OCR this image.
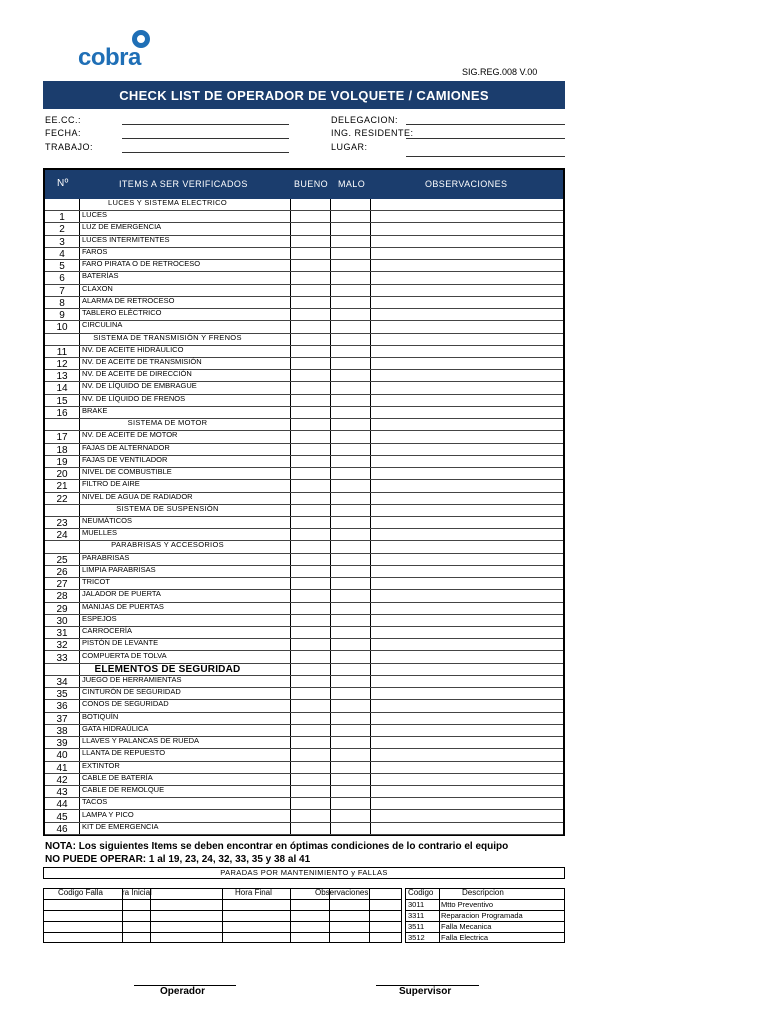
cobra
SIG.REG.008 V.00
CHECK LIST DE OPERADOR DE VOLQUETE / CAMIONES
EE.CC.:
FECHA:
TRABAJO:
DELEGACION:
ING. RESIDENTE:
LUGAR:
Nº	ITEMS A SER VERIFICADOS	BUENO MALO	OBSERVACIONES
LUCES Y SISTEMA ELECTRICO
1	LUCES
2	LUZ DE EMERGENCIA
3	LUCES INTERMITENTES
4	FAROS
5	FARO PIRATA O DE RETROCESO
6	BATERÍAS
7	CLAXON
8	ALARMA DE RETROCESO
9	TABLERO ELÉCTRICO
10	CIRCULINA
SISTEMA DE TRANSMISIÓN Y FRENOS
11	NV. DE ACEITE HIDRÁULICO
12	NV. DE ACEITE DE TRANSMISIÓN
13	NV. DE ACEITE DE DIRECCIÓN
14	NV. DE LÍQUIDO DE EMBRAGUE
15	NV. DE LÍQUIDO DE FRENOS
16	BRAKE
SISTEMA DE MOTOR
17	NV. DE ACEITE DE MOTOR
18	FAJAS DE ALTERNADOR
19	FAJAS DE VENTILADOR
20	NIVEL DE COMBUSTIBLE
21	FILTRO DE AIRE
22	NIVEL DE AGUA DE RADIADOR
SISTEMA DE SUSPENSIÓN
23	NEUMÁTICOS
24	MUELLES
PARABRISAS Y ACCESORIOS
25	PARABRISAS
26	LIMPIA PARABRISAS
27	TRICOT
28	JALADOR DE PUERTA
29	MANIJAS DE PUERTAS
30	ESPEJOS
31	CARROCERÍA
32	PISTÓN DE LEVANTE
33	COMPUERTA DE TOLVA
ELEMENTOS DE SEGURIDAD
34	JUEGO DE HERRAMIENTAS
35	CINTURÓN DE SEGURIDAD
36	CONOS DE SEGURIDAD
37	BOTIQUÍN
38	GATA HIDRAÚLICA
39	LLAVES Y PALANCAS DE RUEDA
40	LLANTA DE REPUESTO
41	EXTINTOR
42	CABLE DE BATERÍA
43	CABLE DE REMOLQUE
44	TACOS
45	LAMPA Y PICO
46	KIT DE EMERGENCIA
NOTA: Los siguientes Items se deben encontrar en óptimas condiciones de lo contrario el equipo
NO PUEDE OPERAR: 1 al 19, 23, 24, 32, 33, 35 y 38 al 41
PARADAS POR MANTENIMIENTO y FALLAS
Codigo Falla ra Inicial	Hora Final	Observaciones	Codigo	Descripcion
3011 Mtto Preventivo
3311 Reparacion Programada
3511 Falla Mecanica
3512 Falla Electrica
Operador	Supervisor
